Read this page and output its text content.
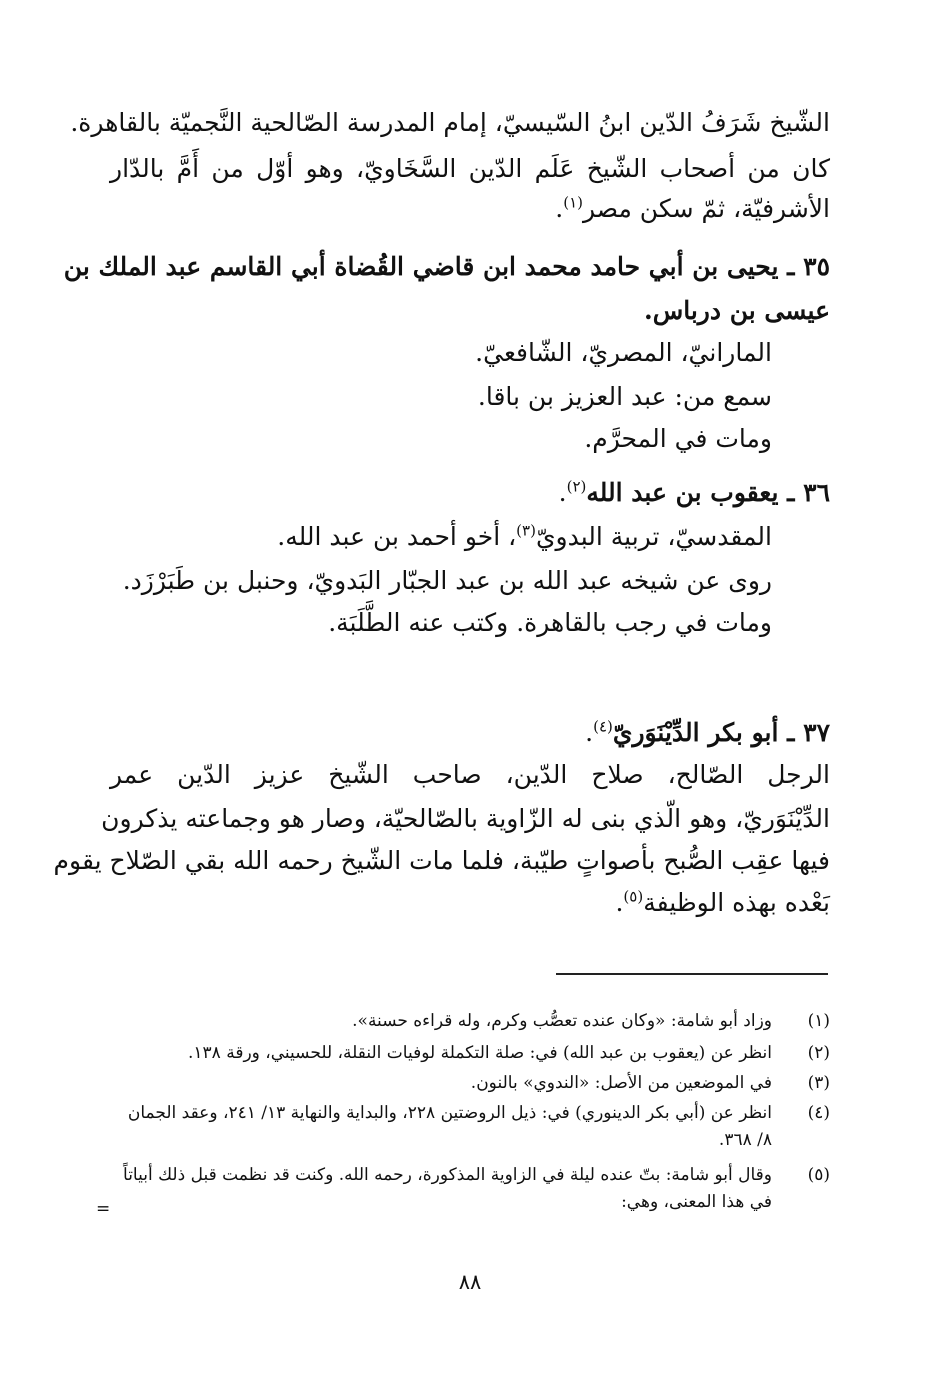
الشّيخ شَرَفُ الدّين ابنُ السّيسيّ، إمام المدرسة الصّالحية النَّجميّة بالقاهرة.
كان من أصحاب الشّيخ عَلَم الدّين السَّخَاويّ، وهو أوّل من أَمَّ بالدّار
الأشرفيّة، ثمّ سكن مصر$^{(١)}$.
٣٥ ـ يحيى بن أبي حامد محمد ابن قاضي القُضاة أبي القاسم عبد الملك بن
عيسى بن درباس.
المارانيّ، المصريّ، الشّافعيّ.
سمع من: عبد العزيز بن باقا.
ومات في المحرَّم.
٣٦ ـ يعقوب بن عبد الله$^{(٢)}$.
المقدسيّ، تربية البدويّ$^{(٣)}$، أخو أحمد بن عبد الله.
روى عن شيخه عبد الله بن عبد الجبّار البَدويّ، وحنبل بن طَبَرْزَد.
ومات في رجب بالقاهرة. وكتب عنه الطَّلَبَة.
٣٧ ـ أبو بكر الدِّيْنَوَريّ$^{(٤)}$.
الرجل الصّالح، صلاح الدّين، صاحب الشّيخ عزيز الدّين عمر
الدِّيْنَوَريّ، وهو الّذي بنى له الزّاوية بالصّالحيّة، وصار هو وجماعته يذكرون
فيها عقِب الصُّبح بأصواتٍ طيّبة، فلما مات الشّيخ رحمه الله بقي الصّلاح يقوم
بَعْده بهذه الوظيفة$^{(٥)}$.
(١)
وزاد أبو شامة: «وكان عنده تعصُّب وكرم، وله قراءه حسنة».
(٢)
انظر عن (يعقوب بن عبد الله) في: صلة التكملة لوفيات النقلة، للحسيني، ورقة ١٣٨.
(٣)
في الموضعين من الأصل: «الندوي» بالنون.
(٤)
انظر عن (أبي بكر الدينوري) في: ذيل الروضتين ٢٢٨، والبداية والنهاية ١٣/ ٢٤١، وعقد الجمان ٨/ ٣٦٨.
(٥)
وقال أبو شامة: بتّ عنده ليلة في الزاوية المذكورة، رحمه الله. وكنت قد نظمت قبل ذلك أبياتاً في هذا المعنى، وهي:
=
٨٨
